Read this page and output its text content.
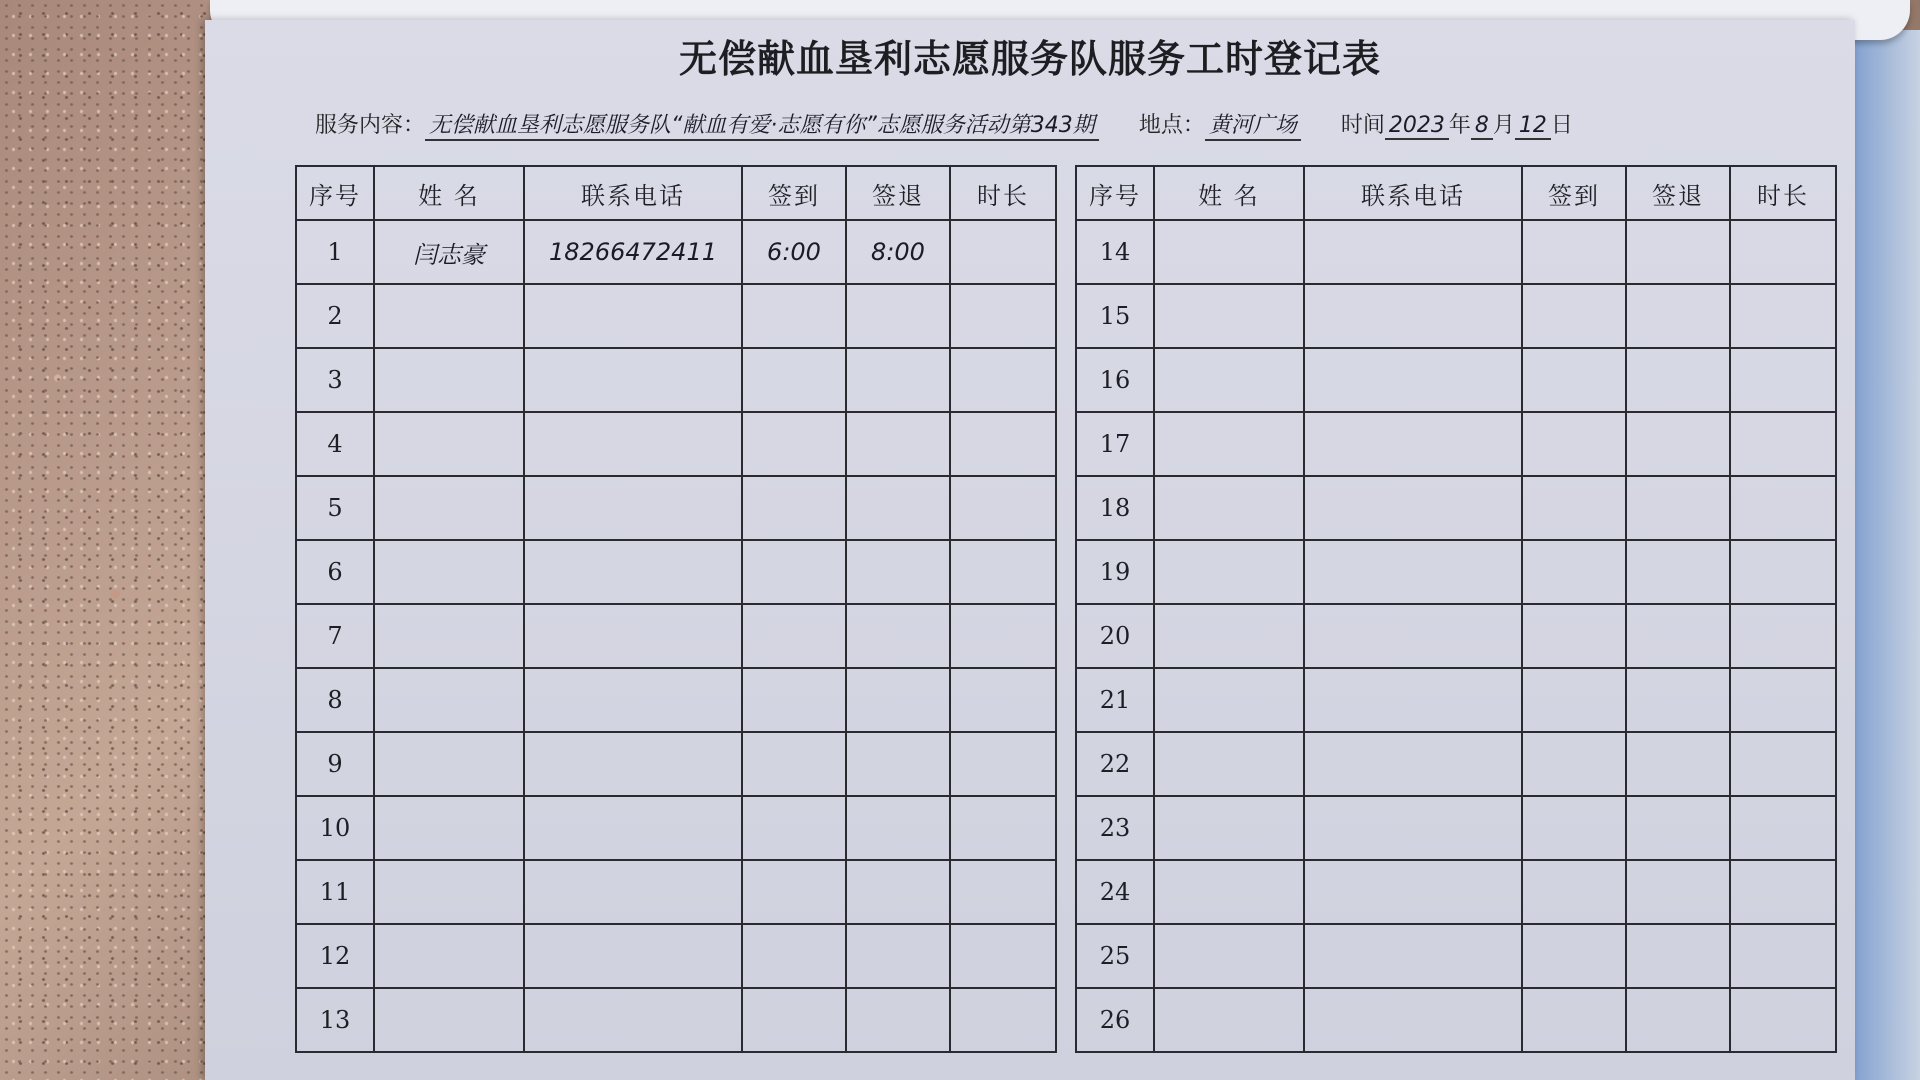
无偿献血垦利志愿服务队服务工时登记表
服务内容： 无偿献血垦利志愿服务队“献血有爱·志愿有你”志愿服务活动第343期 地点： 黄河广场 时间 2023 年 8 月 12 日
序号	姓 名	联系电话	签到	签退	时长
1	闫志豪	18266472411	6:00	8:00	
2					
3					
4					
5					
6					
7					
8					
9					
10					
11					
12					
13					
序号	姓 名	联系电话	签到	签退	时长
14					
15					
16					
17					
18					
19					
20					
21					
22					
23					
24					
25					
26					
